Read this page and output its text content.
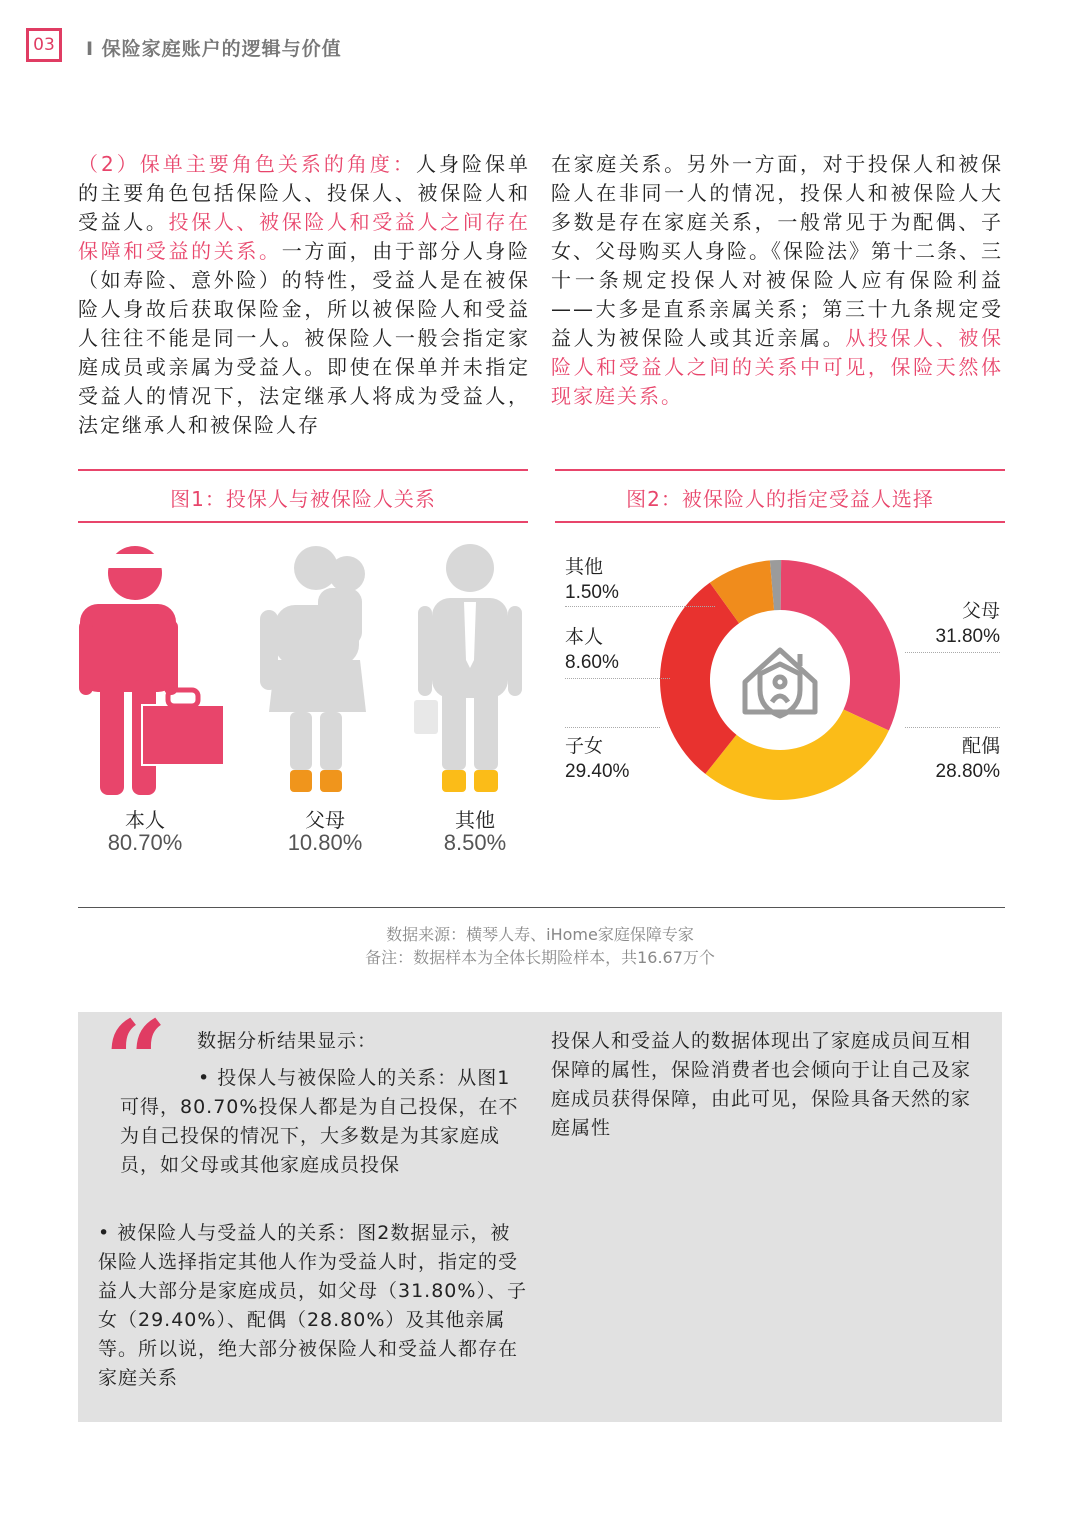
03	I 保险家庭账户的逻辑与价值
（2）保单主要角色关系的角度：人身险保单的主要角色包括保险人、投保人、被保险人和受益人。投保人、被保险人和受益人之间存在保障和受益的关系。一方面，由于部分人身险（如寿险、意外险）的特性，受益人是在被保险人身故后获取保险金，所以被保险人和受益人往往不能是同一人。被保险人一般会指定家庭成员或亲属为受益人。即使在保单并未指定受益人的情况下，法定继承人将成为受益人，法定继承人和被保险人存
在家庭关系。另外一方面，对于投保人和被保险人在非同一人的情况，投保人和被保险人大多数是存在家庭关系，一般常见于为配偶、子女、父母购买人身险。《保险法》第十二条、三十一条规定投保人对被保险人应有保险利益——大多是直系亲属关系；第三十九条规定受益人为被保险人或其近亲属。从投保人、被保险人和受益人之间的关系中可见，保险天然体现家庭关系。
图1：投保人与被保险人关系
本人
80.70%
父母
10.80%
其他
8.50%
图2：被保险人的指定受益人选择
其他
1.50%
本人
8.60%
子女
29.40%
父母
31.80%
配偶
28.80%
数据来源：横琴人寿、iHome家庭保障专家
备注：数据样本为全体长期险样本，共16.67万个
“ 数据分析结果显示：
• 投保人与被保险人的关系：从图1可得，80.70%投保人都是为自己投保，在不为自己投保的情况下，大多数是为其家庭成员，如父母或其他家庭成员投保
• 被保险人与受益人的关系：图2数据显示，被保险人选择指定其他人作为受益人时，指定的受益人大部分是家庭成员，如父母（31.80%）、子女（29.40%）、配偶（28.80%）及其他亲属等。所以说，绝大部分被保险人和受益人都存在家庭关系
投保人和受益人的数据体现出了家庭成员间互相保障的属性，保险消费者也会倾向于让自己及家庭成员获得保障，由此可见，保险具备天然的家庭属性
